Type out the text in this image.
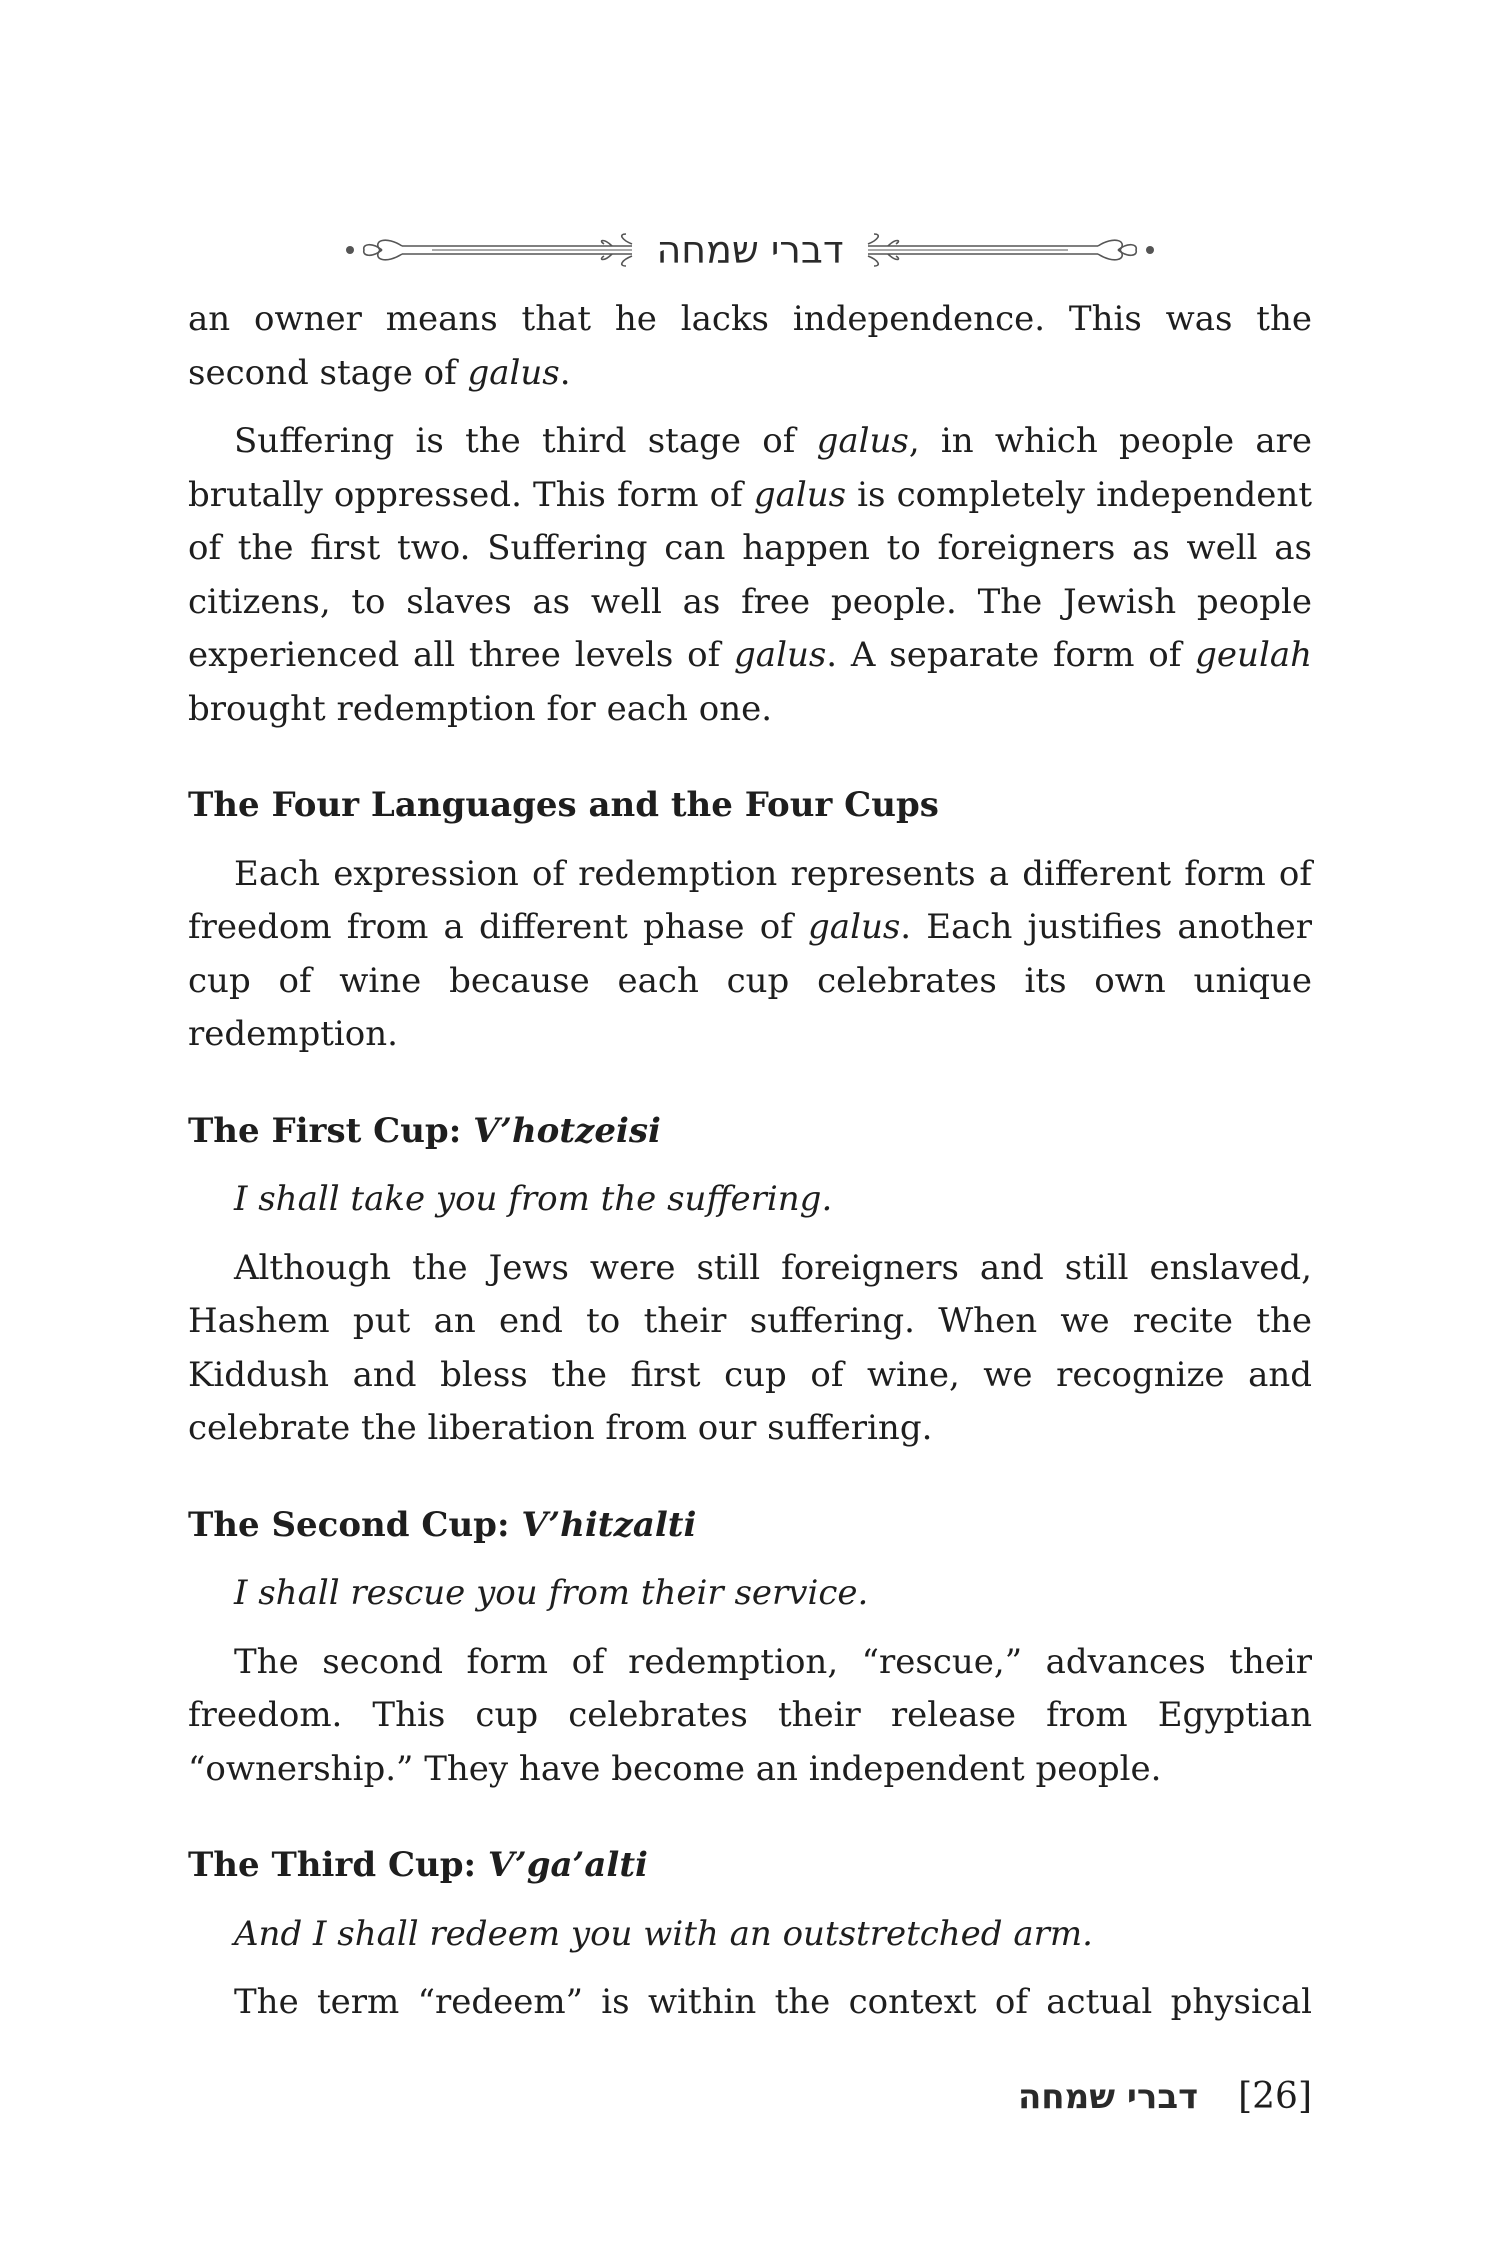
דברי שמחה

an owner means that he lacks independence. This was the second stage of galus.

Suffering is the third stage of galus, in which people are brutally oppressed. This form of galus is completely independent of the first two. Suffering can happen to foreigners as well as citizens, to slaves as well as free people. The Jewish people experienced all three levels of galus. A separate form of geulah brought redemption for each one.

The Four Languages and the Four Cups

Each expression of redemption represents a different form of freedom from a different phase of galus. Each justifies another cup of wine because each cup celebrates its own unique redemption.

The First Cup: V’hotzeisi

I shall take you from the suffering.

Although the Jews were still foreigners and still enslaved, Hashem put an end to their suffering. When we recite the Kiddush and bless the first cup of wine, we recognize and celebrate the liberation from our suffering.

The Second Cup: V’hitzalti

I shall rescue you from their service.

The second form of redemption, “rescue,” advances their freedom. This cup celebrates their release from Egyptian “ownership.” They have become an independent people.

The Third Cup: V’ga’alti

And I shall redeem you with an outstretched arm.

The term “redeem” is within the context of actual physical

דברי שמחה [26]
